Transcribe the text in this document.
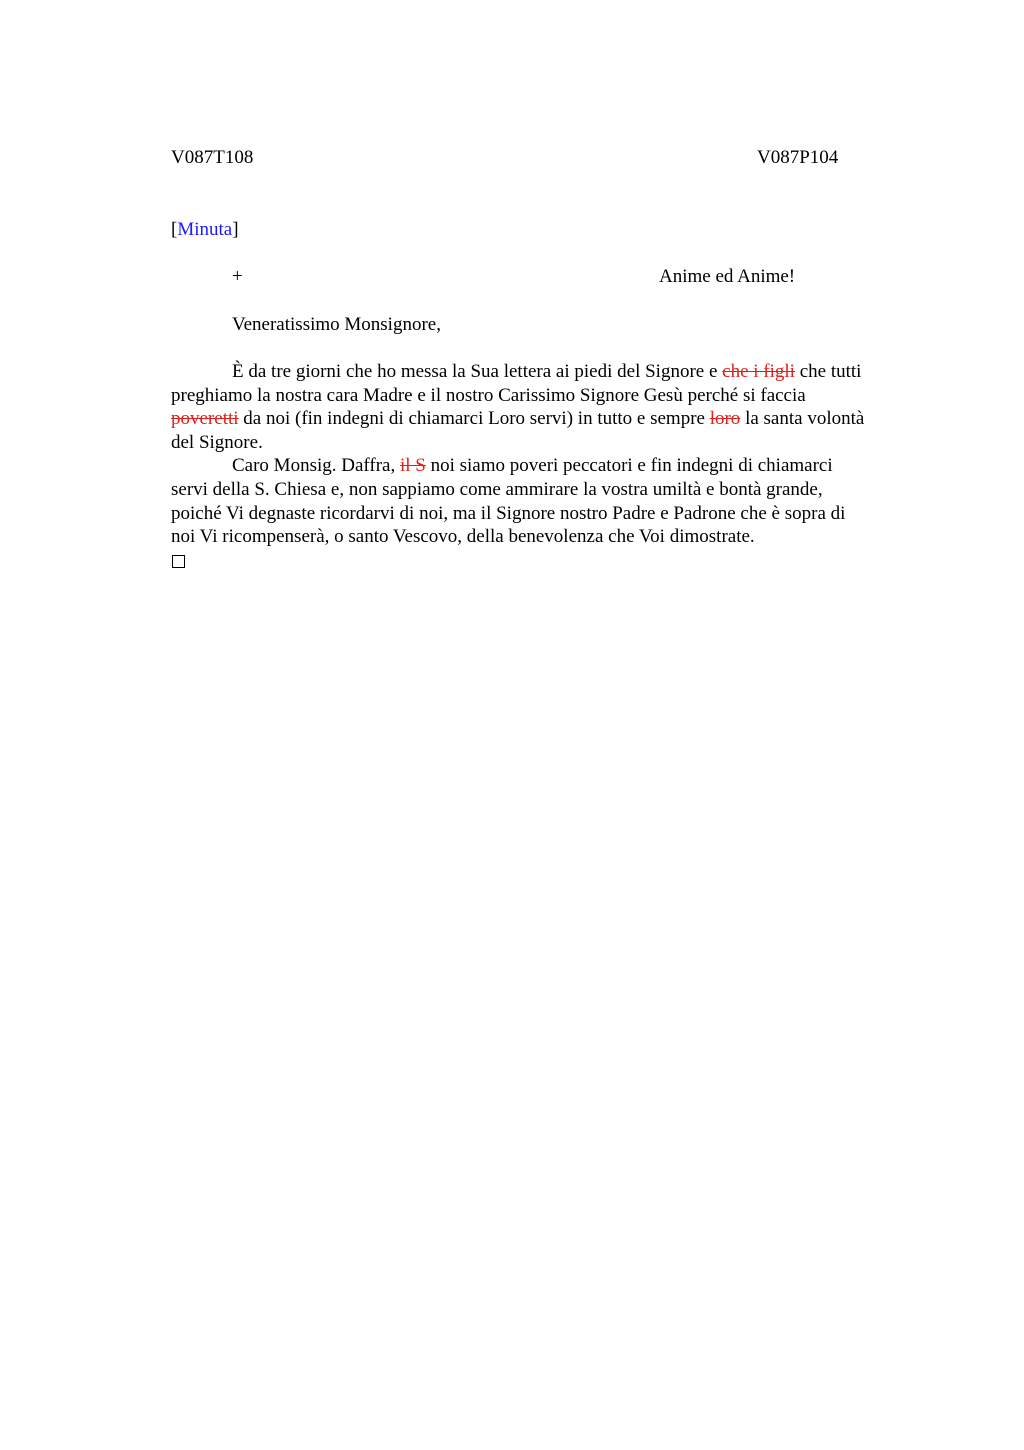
V087T108	V087P104
[Minuta]
+	Anime ed Anime!
Veneratissimo Monsignore,
È da tre giorni che ho messa la Sua lettera ai piedi del Signore e che i figli che tutti
preghiamo la nostra cara Madre e il nostro Carissimo Signore Gesù perché si faccia
poveretti da noi (fin indegni di chiamarci Loro servi) in tutto e sempre loro la santa volontà
del Signore.
Caro Monsig. Daffra, il S noi siamo poveri peccatori e fin indegni di chiamarci
servi della S. Chiesa e, non sappiamo come ammirare la vostra umiltà e bontà grande,
poiché Vi degnaste ricordarvi di noi, ma il Signore nostro Padre e Padrone che è sopra di
noi Vi ricompenserà, o santo Vescovo, della benevolenza che Voi dimostrate.
